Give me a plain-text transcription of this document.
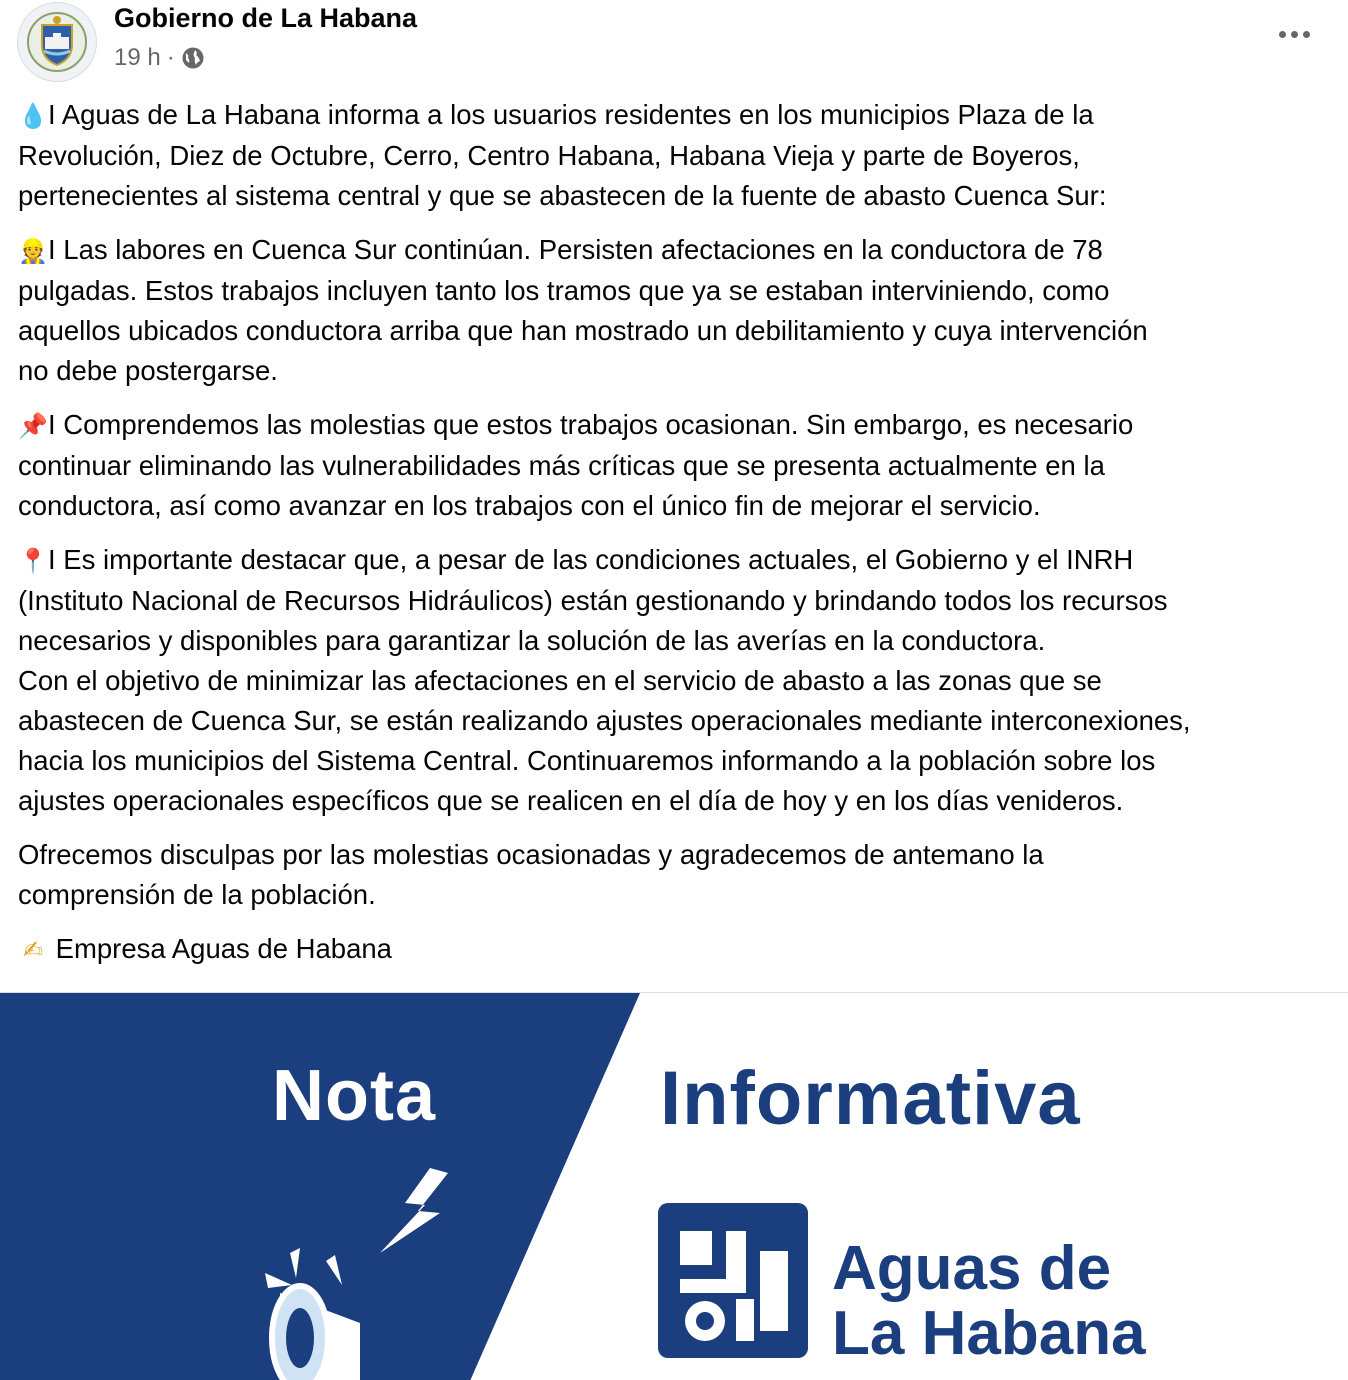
Gobierno de La Habana
19 h ·

💧I Aguas de La Habana informa a los usuarios residentes en los municipios Plaza de la
Revolución, Diez de Octubre, Cerro, Centro Habana, Habana Vieja y parte de Boyeros,
pertenecientes al sistema central y que se abastecen de la fuente de abasto Cuenca Sur:

👷I Las labores en Cuenca Sur continúan. Persisten afectaciones en la conductora de 78
pulgadas. Estos trabajos incluyen tanto los tramos que ya se estaban interviniendo, como
aquellos ubicados conductora arriba que han mostrado un debilitamiento y cuya intervención
no debe postergarse.

📌I Comprendemos las molestias que estos trabajos ocasionan. Sin embargo, es necesario
continuar eliminando las vulnerabilidades más críticas que se presenta actualmente en la
conductora, así como avanzar en los trabajos con el único fin de mejorar el servicio.

📍I Es importante destacar que, a pesar de las condiciones actuales, el Gobierno y el INRH
(Instituto Nacional de Recursos Hidráulicos) están gestionando y brindando todos los recursos
necesarios y disponibles para garantizar la solución de las averías en la conductora.
Con el objetivo de minimizar las afectaciones en el servicio de abasto a las zonas que se
abastecen de Cuenca Sur, se están realizando ajustes operacionales mediante interconexiones,
hacia los municipios del Sistema Central. Continuaremos informando a la población sobre los
ajustes operacionales específicos que se realicen en el día de hoy y en los días venideros.

Ofrecemos disculpas por las molestias ocasionadas y agradecemos de antemano la
comprensión de la población.

✍ Empresa Aguas de Habana

Nota	Informativa
Aguas de
La Habana
